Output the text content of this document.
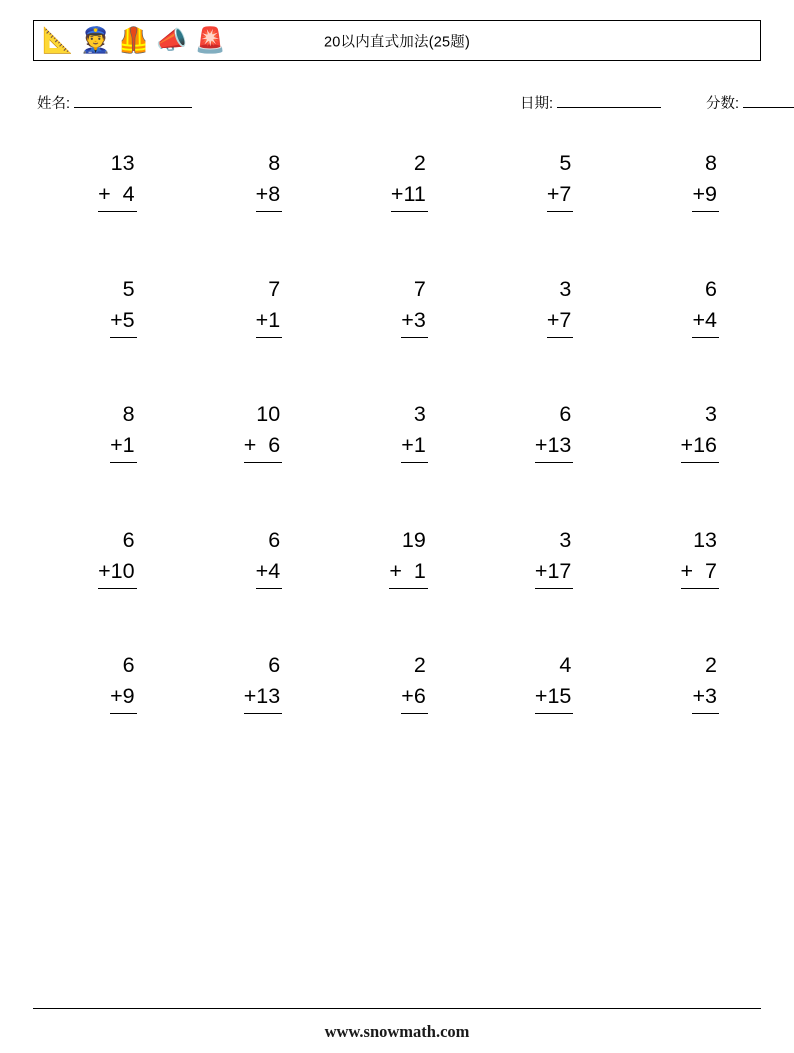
📐 👮 🦺 📣 🚨	20以内直式加法(25题)
姓名:	日期:	分数:
13
+  4
8
+8
2
+11
5
+7
8
+9
5
+5
7
+1
7
+3
3
+7
6
+4
8
+1
10
+  6
3
+1
6
+13
3
+16
6
+10
6
+4
19
+  1
3
+17
13
+  7
6
+9
6
+13
2
+6
4
+15
2
+3
www.snowmath.com
